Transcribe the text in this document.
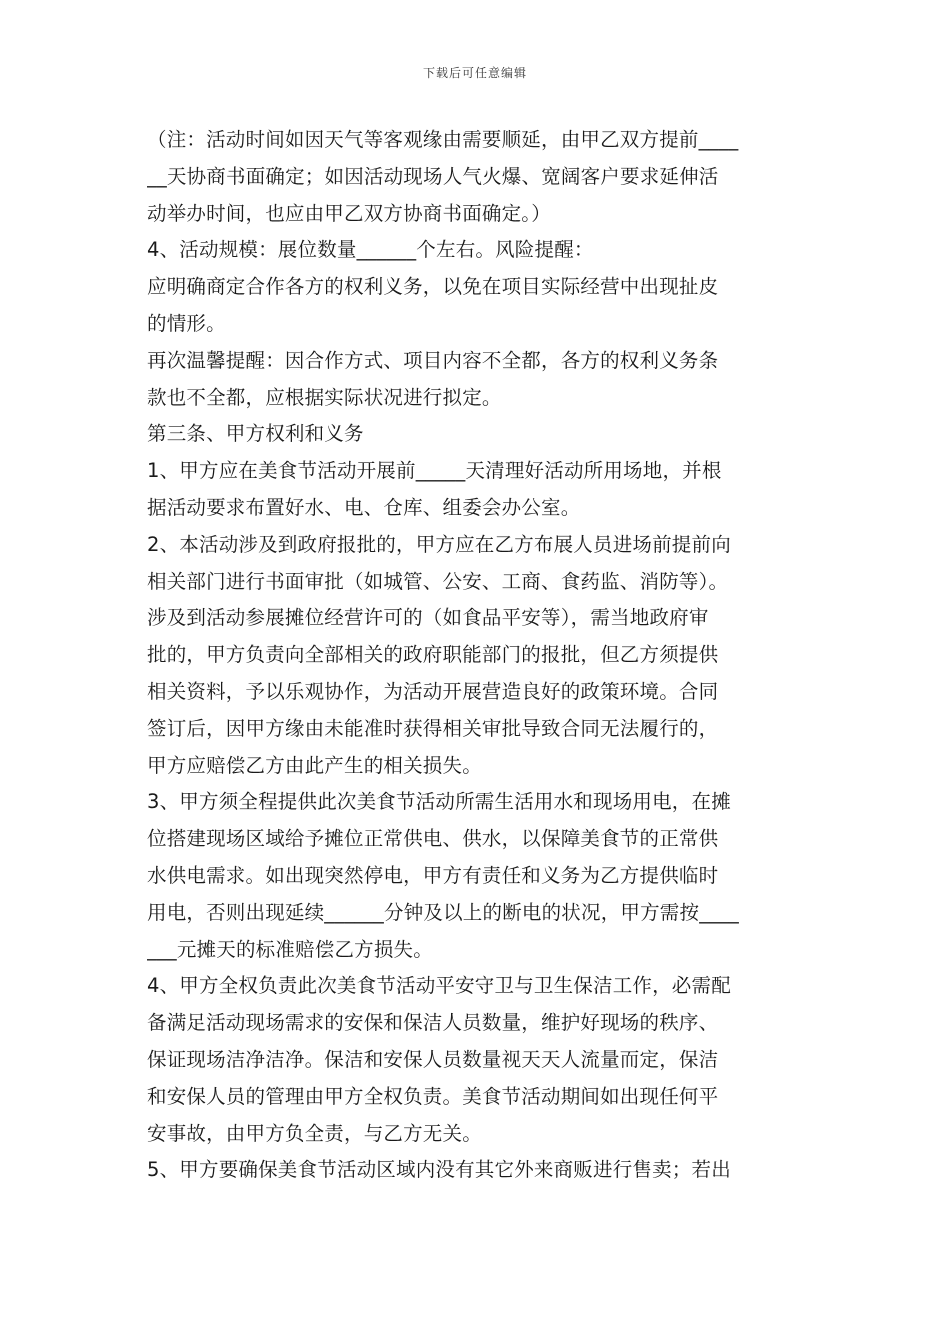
下载后可任意编辑
（注：活动时间如因天气等客观缘由需要顺延，由甲乙双方提前____
__天协商书面确定；如因活动现场人气火爆、宽阔客户要求延伸活
动举办时间，也应由甲乙双方协商书面确定。）
4、活动规模：展位数量______个左右。风险提醒：
应明确商定合作各方的权利义务，以免在项目实际经营中出现扯皮
的情形。
再次温馨提醒：因合作方式、项目内容不全都，各方的权利义务条
款也不全都，应根据实际状况进行拟定。
第三条、甲方权利和义务
1、甲方应在美食节活动开展前_____天清理好活动所用场地，并根
据活动要求布置好水、电、仓库、组委会办公室。
2、本活动涉及到政府报批的，甲方应在乙方布展人员进场前提前向
相关部门进行书面审批（如城管、公安、工商、食药监、消防等）。
涉及到活动参展摊位经营许可的（如食品平安等），需当地政府审
批的，甲方负责向全部相关的政府职能部门的报批，但乙方须提供
相关资料，予以乐观协作，为活动开展营造良好的政策环境。合同
签订后，因甲方缘由未能准时获得相关审批导致合同无法履行的，
甲方应赔偿乙方由此产生的相关损失。
3、甲方须全程提供此次美食节活动所需生活用水和现场用电，在摊
位搭建现场区域给予摊位正常供电、供水，以保障美食节的正常供
水供电需求。如出现突然停电，甲方有责任和义务为乙方提供临时
用电，否则出现延续______分钟及以上的断电的状况，甲方需按____
___元摊天的标准赔偿乙方损失。
4、甲方全权负责此次美食节活动平安守卫与卫生保洁工作，必需配
备满足活动现场需求的安保和保洁人员数量，维护好现场的秩序、
保证现场洁净洁净。保洁和安保人员数量视天天人流量而定，保洁
和安保人员的管理由甲方全权负责。美食节活动期间如出现任何平
安事故，由甲方负全责，与乙方无关。
5、甲方要确保美食节活动区域内没有其它外来商贩进行售卖；若出
